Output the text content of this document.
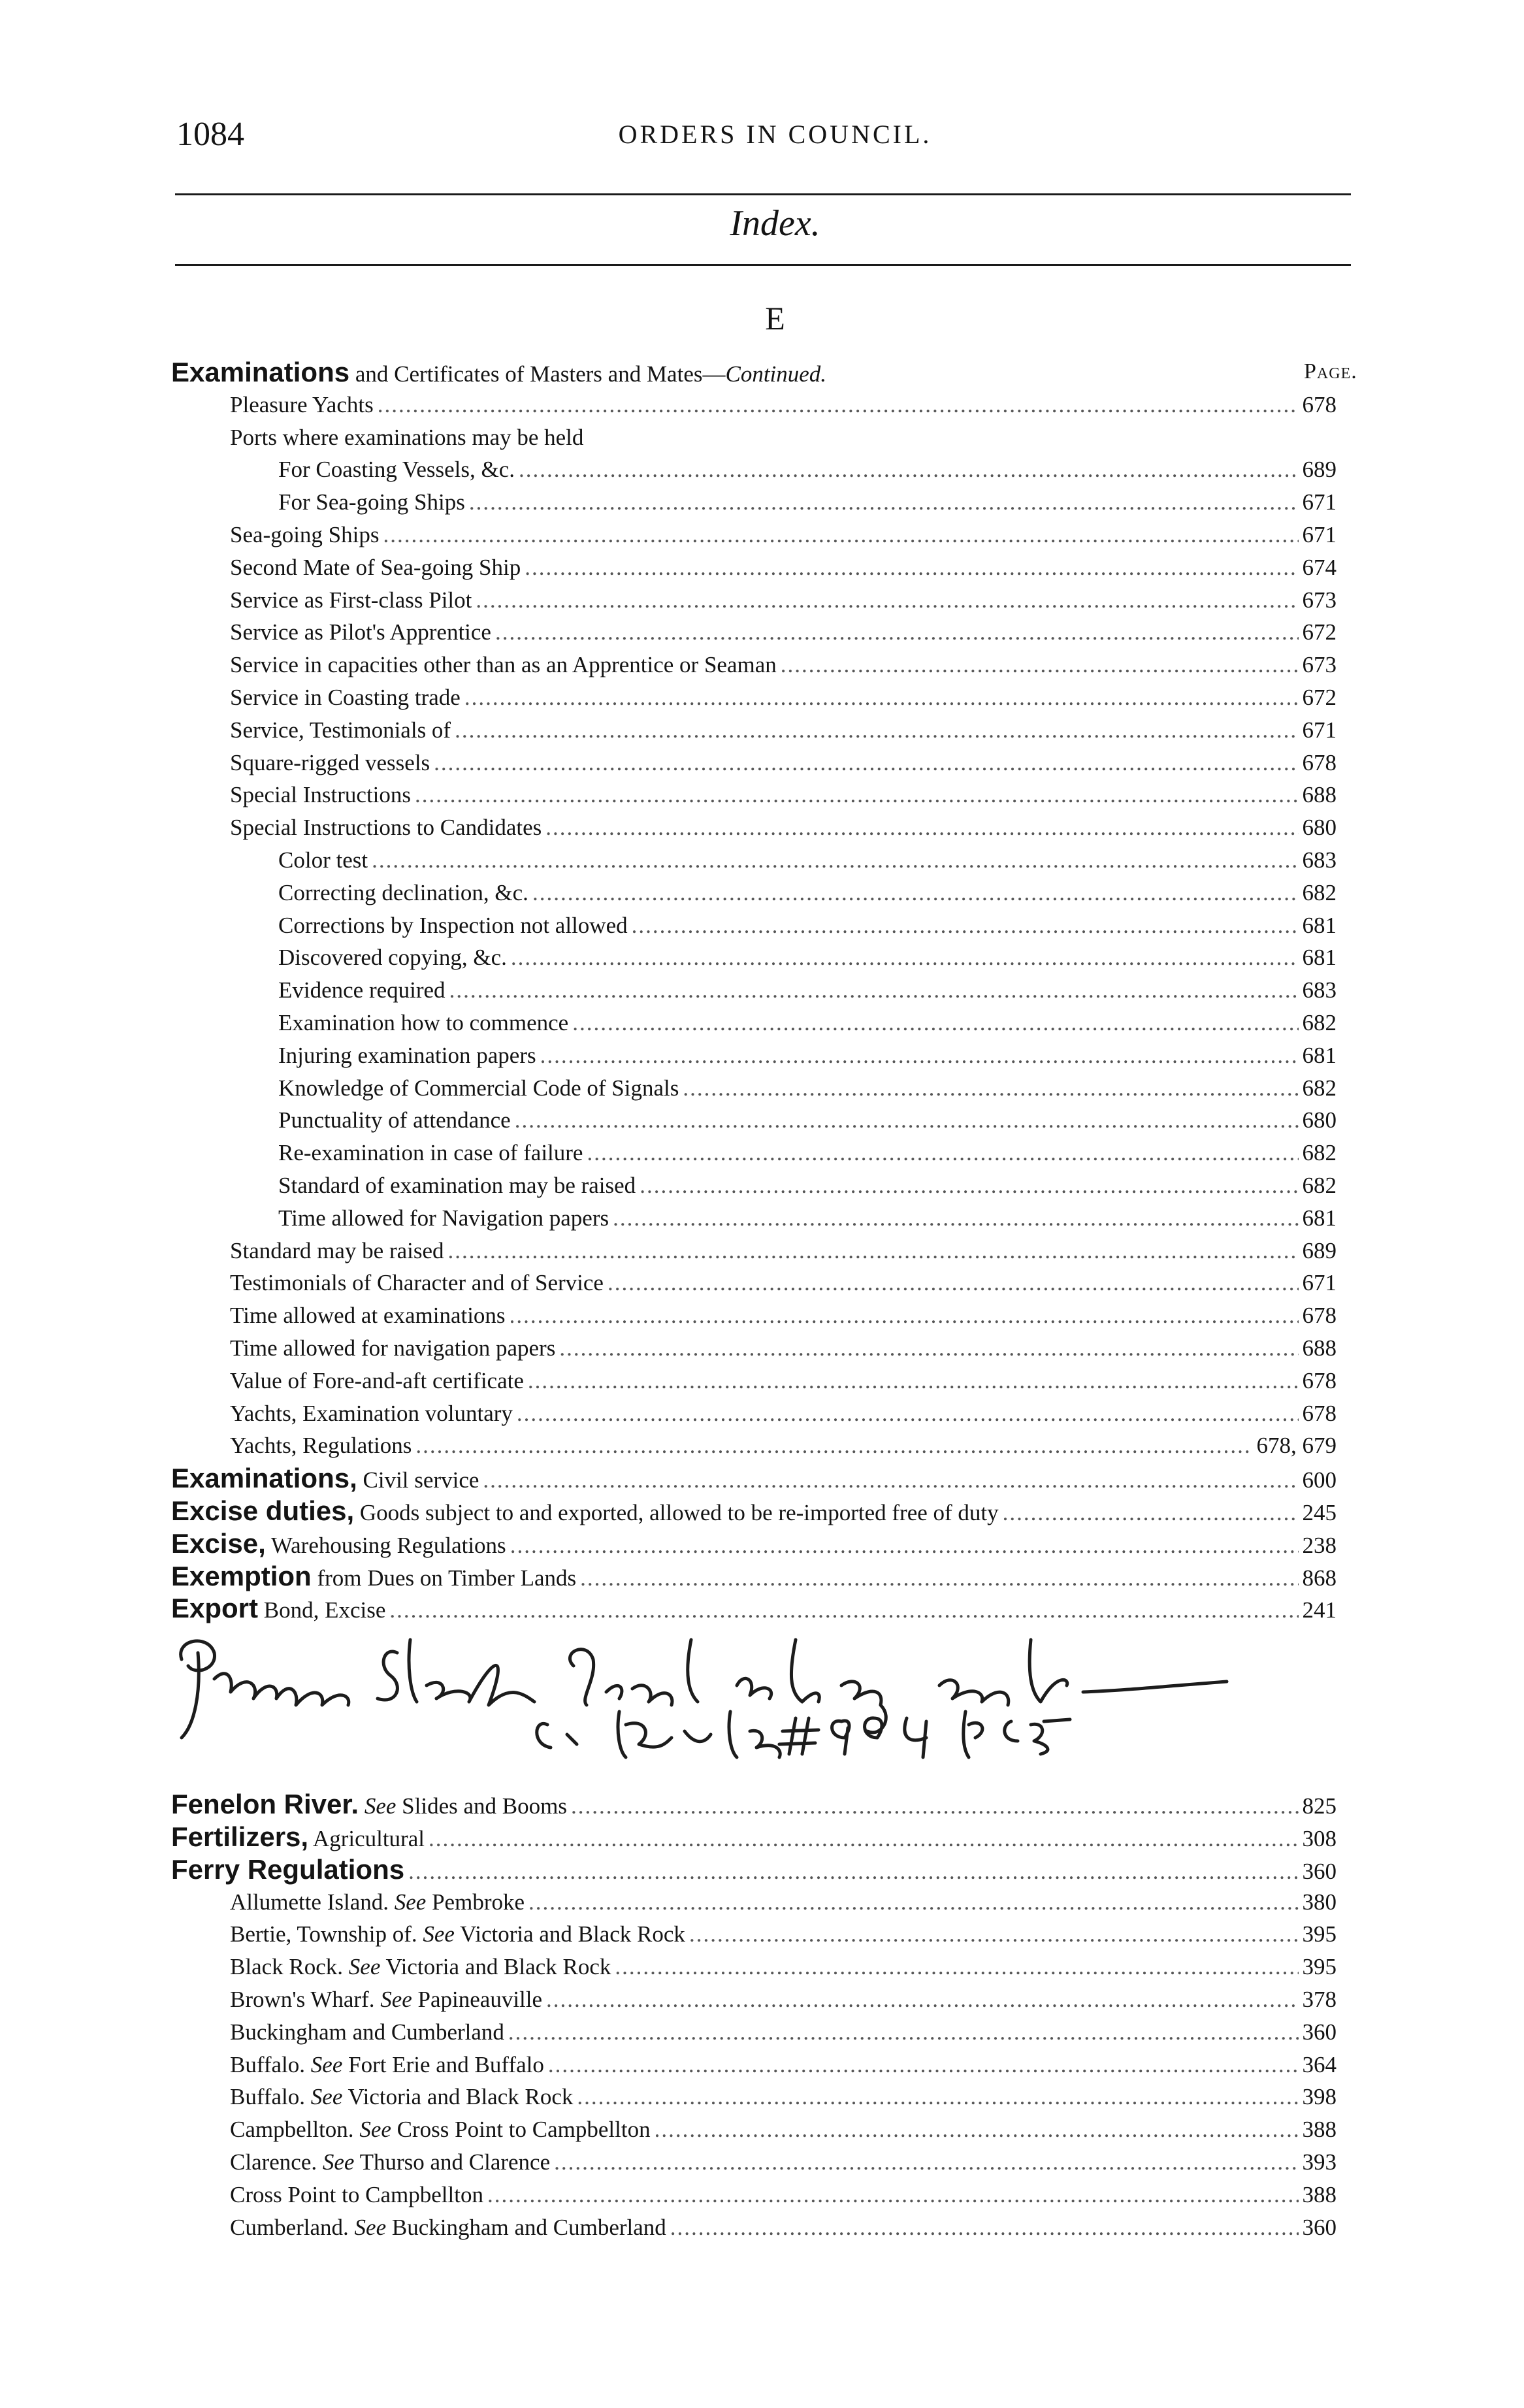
1084	ORDERS IN COUNCIL.
Index.
E
Page.
Examinations and Certificates of Masters and Mates—Continued.
Pleasure Yachts .....	678
Ports where examinations may be held
For Coasting Vessels, &c. .....	689
For Sea-going Ships .....	671
Sea-going Ships .....	671
Second Mate of Sea-going Ship .....	674
Service as First-class Pilot .....	673
Service as Pilot's Apprentice .....	672
Service in capacities other than as an Apprentice or Seaman .....	673
Service in Coasting trade .....	672
Service, Testimonials of .....	671
Square-rigged vessels .....	678
Special Instructions .....	688
Special Instructions to Candidates .....	680
Color test .....	683
Correcting declination, &c. .....	682
Corrections by Inspection not allowed .....	681
Discovered copying, &c. .....	681
Evidence required .....	683
Examination how to commence .....	682
Injuring examination papers .....	681
Knowledge of Commercial Code of Signals .....	682
Punctuality of attendance .....	680
Re-examination in case of failure .....	682
Standard of examination may be raised .....	682
Time allowed for Navigation papers .....	681
Standard may be raised .....	689
Testimonials of Character and of Service .....	671
Time allowed at examinations .....	678
Time allowed for navigation papers .....	688
Value of Fore-and-aft certificate .....	678
Yachts, Examination voluntary .....	678
Yachts, Regulations .....	678, 679
Examinations, Civil service .....	600
Excise duties, Goods subject to and exported, allowed to be re-imported free of duty .....	245
Excise, Warehousing Regulations .....	238
Exemption from Dues on Timber Lands .....	868
Export Bond, Excise .....	241
Fenelon River. See Slides and Booms .....	825
Fertilizers, Agricultural .....	308
Ferry Regulations .....	360
Allumette Island. See Pembroke .....	380
Bertie, Township of. See Victoria and Black Rock .....	395
Black Rock. See Victoria and Black Rock .....	395
Brown's Wharf. See Papineauville .....	378
Buckingham and Cumberland .....	360
Buffalo. See Fort Erie and Buffalo .....	364
Buffalo. See Victoria and Black Rock .....	398
Campbellton. See Cross Point to Campbellton .....	388
Clarence. See Thurso and Clarence .....	393
Cross Point to Campbellton .....	388
Cumberland. See Buckingham and Cumberland .....	360
